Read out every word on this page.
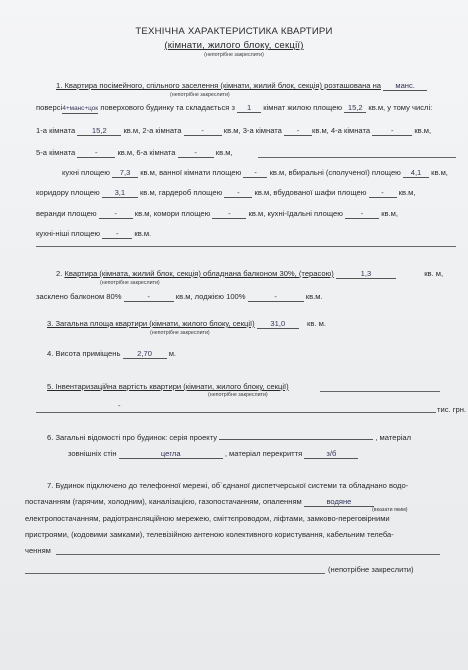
ТЕХНІЧНА ХАРАКТЕРИСТИКА КВАРТИРИ
(кімнати, жилого блоку, секції)
(непотрібне закреслити)
1. Квартира посімейного, спільного заселення (кімнати, жилий блок, секція) розташована на манс.
(непотрібне закреслити)
поверсі4+манс+цок поверхового будинку та складається з 1 кімнат жилою площею 15,2 кв.м, у тому числі:
1-а кімната 15,2 кв.м, 2-а кімната	-	кв.м, 3-а кімната - кв.м, 4-а кімната	-	кв.м,
5-а кімната	-	кв.м, 6-а кімната - кв.м,
кухні площею 7,3 кв.м, ванної кімнати площею - кв.м, вбиральні (сполученої) площею 4,1 кв.м,
коридору площею 3,1 кв.м, гардероб площею - кв.м, вбудованої шафи площею - кв.м,
веранди площею - кв.м, комори площею - кв.м, кухні-їдальні площею - кв.м,
кухні-ніші площею - кв.м.
2. Квартира (кімната, жилий блок, секція) обладнана балконом 30%, (терасою)	1,3	кв. м,
(непотрібне закреслити)
засклено балконом 80%	-	кв.м, лоджією 100%	-	кв.м.
3. Загальна площа квартири (кімнати, жилого блоку, секції) 31,0	кв. м.
(непотрібне закреслити)
4. Висота приміщень 2,70 м.
5. Інвентаризаційна вартість квартири (кімнати, жилого блоку, секції)
(непотрібне закреслити)
-	тис. грн.
6. Загальні відомості про будинок: серія проекту	, матеріал
зовнішніх стін	цегла	, матеріал перекриття	з/б
7. Будинок підключено до телефонної мережі, об`єднаної диспетчерської системи та обладнано водо-
постачанням (гарячим, холодним), каналізацією, газопостачанням, опаленням	водяне
(вказати яким)
електропостачанням, радіотрансляційною мережею, сміттєпроводом, ліфтами, замково-переговірними
пристроями, (кодовими замками), телевізійною антеною колективного користування, кабельним телеба-
ченням
(непотрібне закреслити)
